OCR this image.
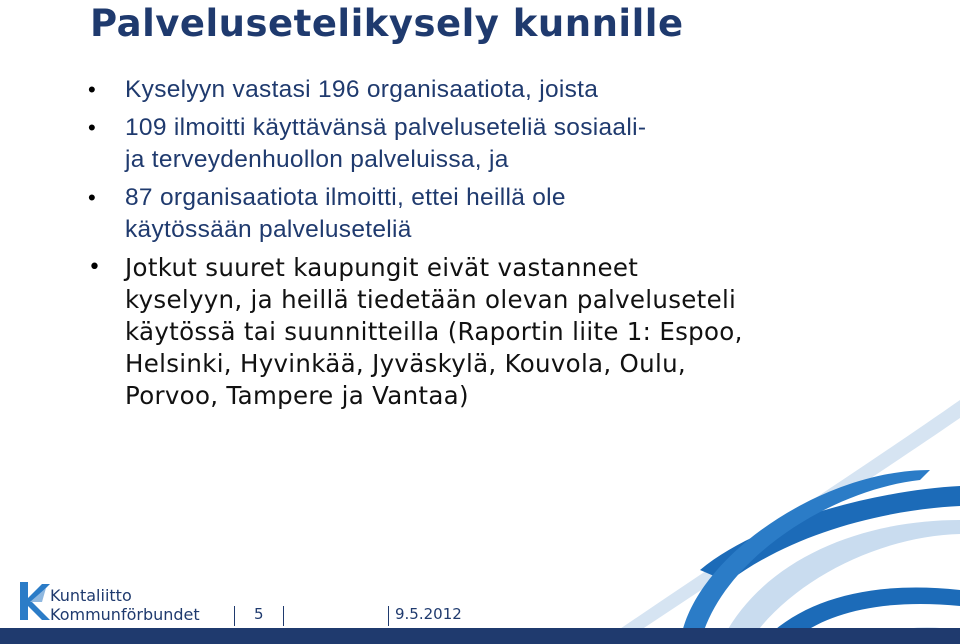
Palvelusetelikysely kunnille
• Kyselyyn vastasi 196 organisaatiota, joista
• 109 ilmoitti käyttävänsä palveluseteliä sosiaali-
ja terveydenhuollon palveluissa, ja
• 87 organisaatiota ilmoitti, ettei heillä ole
käytössään palveluseteliä
• Jotkut suuret kaupungit eivät vastanneet
kyselyyn, ja heillä tiedetään olevan palveluseteli
käytössä tai suunnitteilla (Raportin liite 1: Espoo,
Helsinki, Hyvinkää, Jyväskylä, Kouvola, Oulu,
Porvoo, Tampere ja Vantaa)
Kuntaliitto
Kommunförbundet	5	9.5.2012
